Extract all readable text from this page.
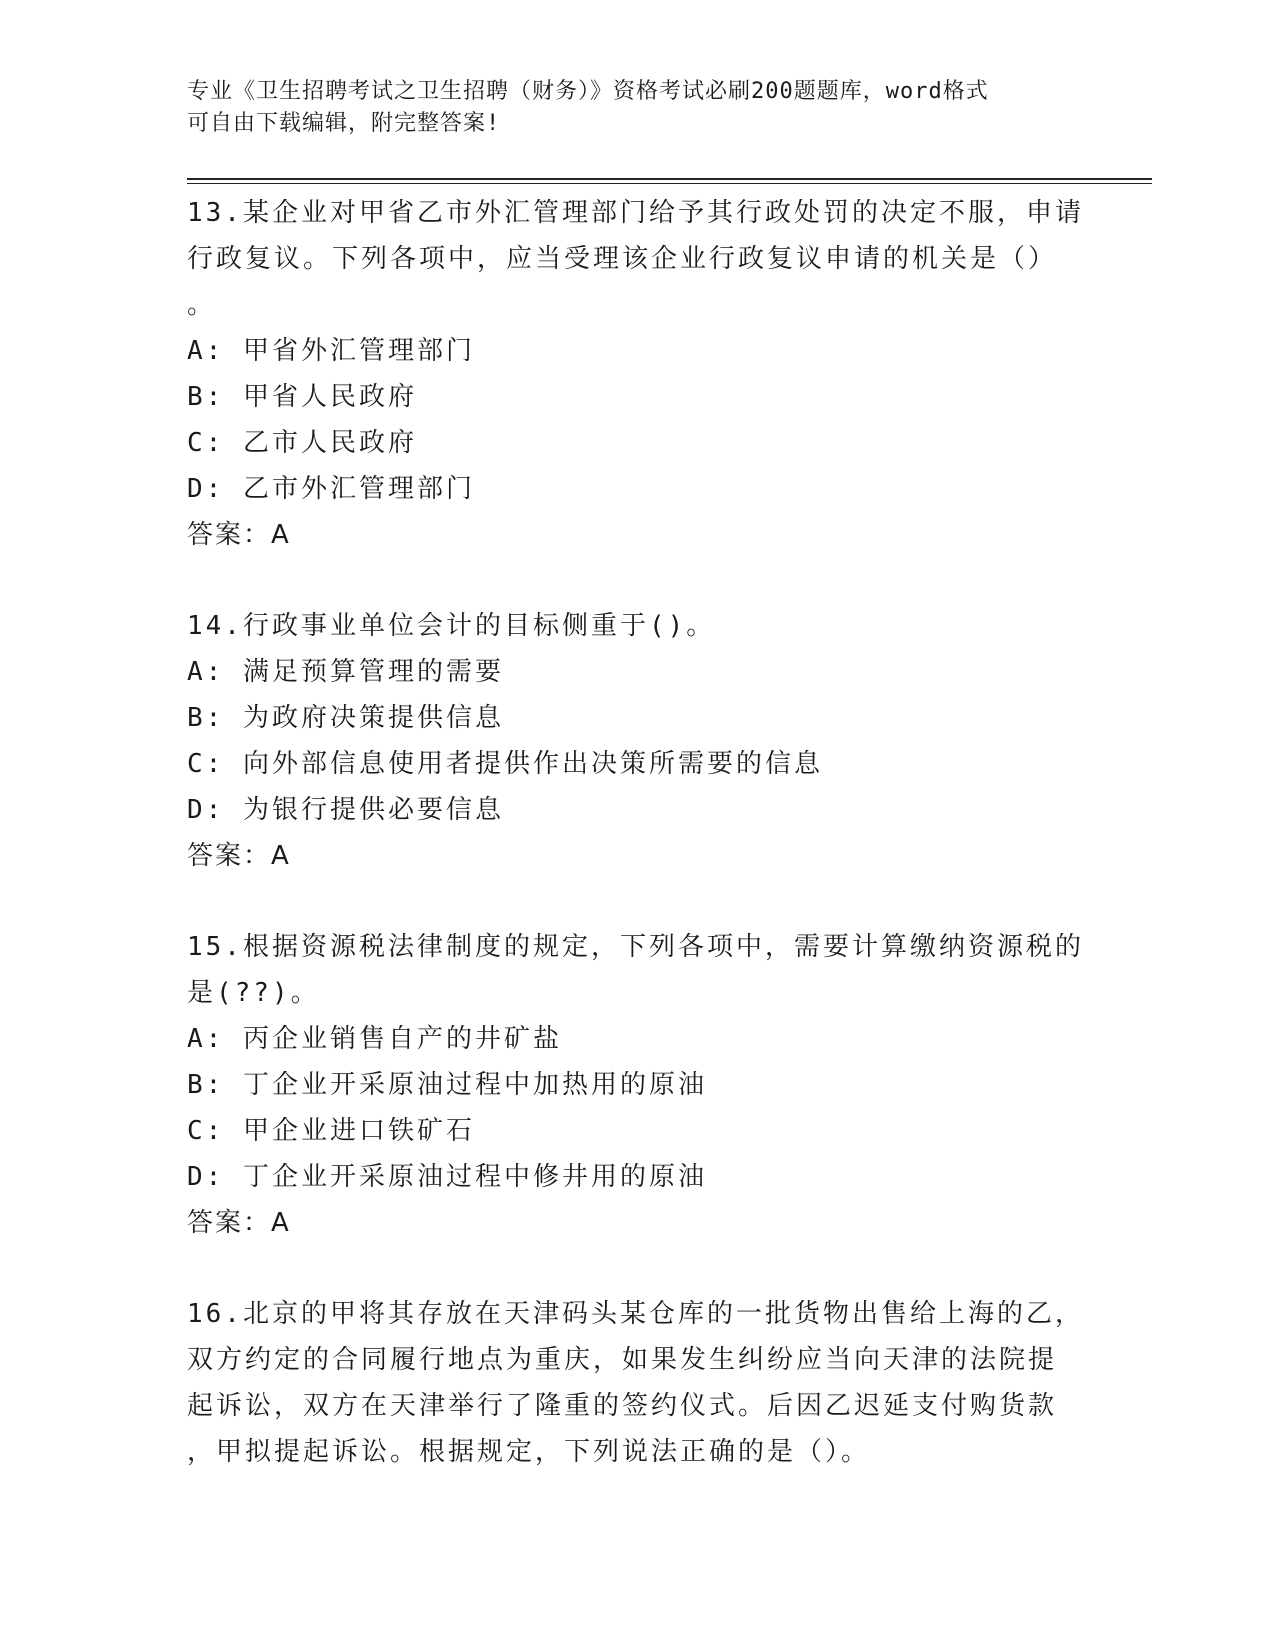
专业《卫生招聘考试之卫生招聘（财务）》资格考试必刷200题题库，word格式
可自由下载编辑，附完整答案!
13.某企业对甲省乙市外汇管理部门给予其行政处罚的决定不服，申请
行政复议。下列各项中，应当受理该企业行政复议申请的机关是（）
。
A: 甲省外汇管理部门
B: 甲省人民政府
C: 乙市人民政府
D: 乙市外汇管理部门
答案：A
14.行政事业单位会计的目标侧重于()。
A: 满足预算管理的需要
B: 为政府决策提供信息
C: 向外部信息使用者提供作出决策所需要的信息
D: 为银行提供必要信息
答案：A
15.根据资源税法律制度的规定，下列各项中，需要计算缴纳资源税的
是(??)。
A: 丙企业销售自产的井矿盐
B: 丁企业开采原油过程中加热用的原油
C: 甲企业进口铁矿石
D: 丁企业开采原油过程中修井用的原油
答案：A
16.北京的甲将其存放在天津码头某仓库的一批货物出售给上海的乙，
双方约定的合同履行地点为重庆，如果发生纠纷应当向天津的法院提
起诉讼，双方在天津举行了隆重的签约仪式。后因乙迟延支付购货款
，甲拟提起诉讼。根据规定，下列说法正确的是（）。
